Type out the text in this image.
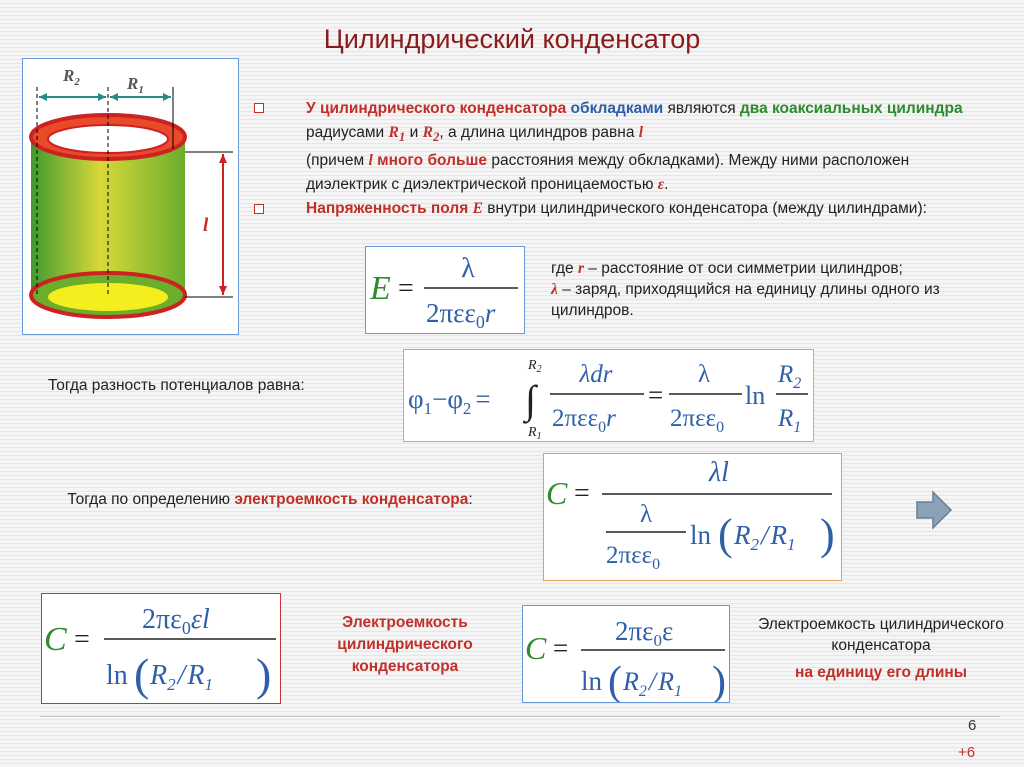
Цилиндрический конденсатор
$R_2$	$R_1$
l
У цилиндрического конденсатора обкладками являются два коаксиальных цилиндра радиусами $R_1$ и $R_2$, а длина цилиндров равна l
(причем l много больше расстояния между обкладками). Между ними расположен диэлектрик с диэлектрической проницаемостью ε.
Напряженность поля E внутри цилиндрического конденсатора (между цилиндрами):
E =
λ
2πεε$_0$r
где r – расстояние от оси симметрии цилиндров;
λ – заряд, приходящийся на единицу длины одного из цилиндров.
Тогда разность потенциалов равна:	$\varphi_1-\varphi_2$ =
$R_2$
∫
$R_1$
λdr
2πεε$_0$r
=
λ
2πεε$_0$
ln
$R_2$
$R_1$
Тогда по определению электроемкость конденсатора:	C =
λl
λ
2πεε$_0$
ln ( $R_2/R_1$ )
C =
$2\pi\varepsilon_0\varepsilon l$
ln ( $R_2/R_1$ )
Электроемкость цилиндрического конденсатора
C =
$2\pi\varepsilon_0\varepsilon$
ln ( $R_2/R_1$ )
Электроемкость цилиндрического конденсатора
на единицу его длины
6
+6
